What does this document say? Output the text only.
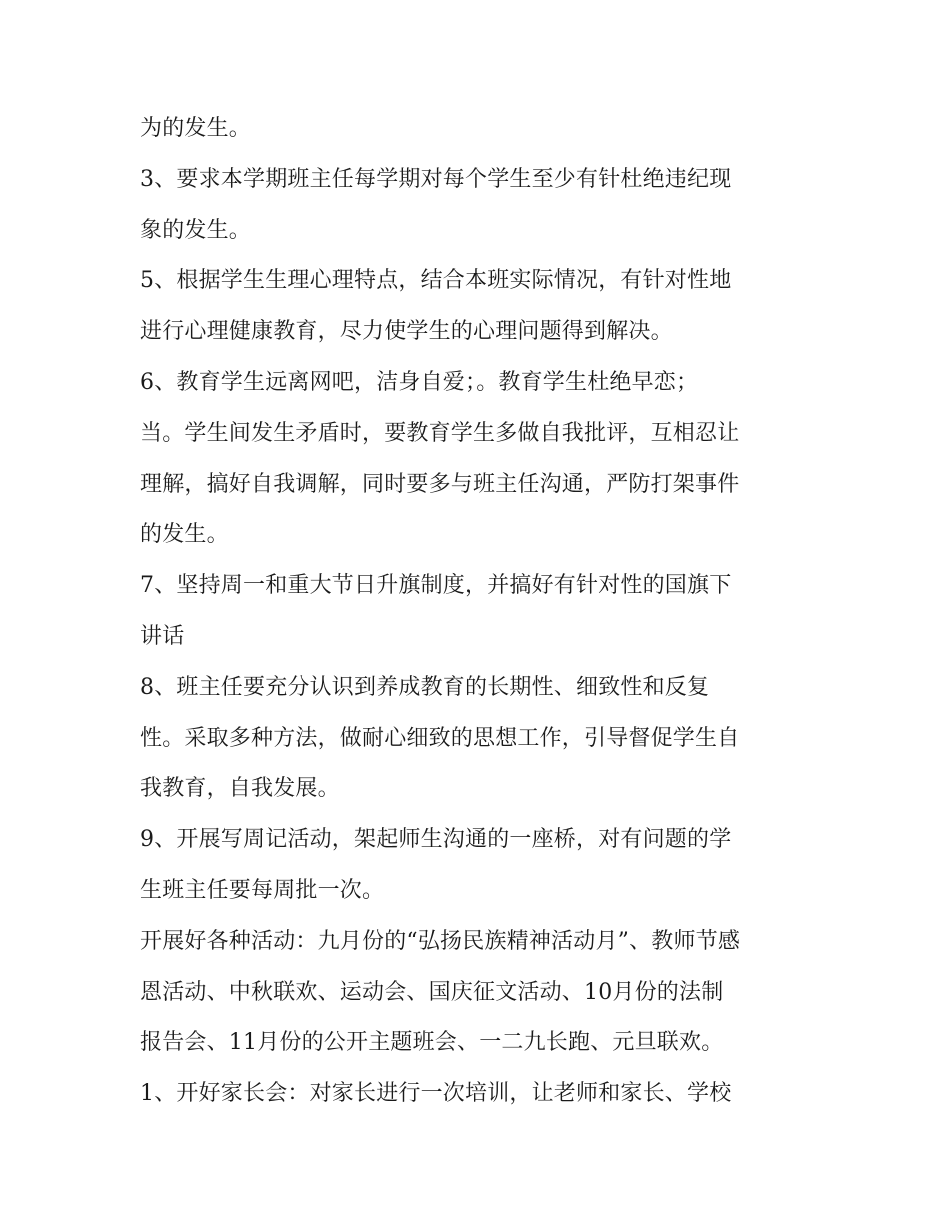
为的发生。
3、要求本学期班主任每学期对每个学生至少有针杜绝违纪现
象的发生。
5、根据学生生理心理特点，结合本班实际情况，有针对性地
进行心理健康教育，尽力使学生的心理问题得到解决。
6、教育学生远离网吧，洁身自爱；。教育学生杜绝早恋；
当。学生间发生矛盾时，要教育学生多做自我批评，互相忍让
理解，搞好自我调解，同时要多与班主任沟通，严防打架事件
的发生。
7、坚持周一和重大节日升旗制度，并搞好有针对性的国旗下
讲话
8、班主任要充分认识到养成教育的长期性、细致性和反复
性。采取多种方法，做耐心细致的思想工作，引导督促学生自
我教育，自我发展。
9、开展写周记活动，架起师生沟通的一座桥，对有问题的学
生班主任要每周批一次。
开展好各种活动：九月份的“弘扬民族精神活动月”、教师节感
恩活动、中秋联欢、运动会、国庆征文活动、10月份的法制
报告会、11月份的公开主题班会、一二九长跑、元旦联欢。
1、开好家长会：对家长进行一次培训，让老师和家长、学校
